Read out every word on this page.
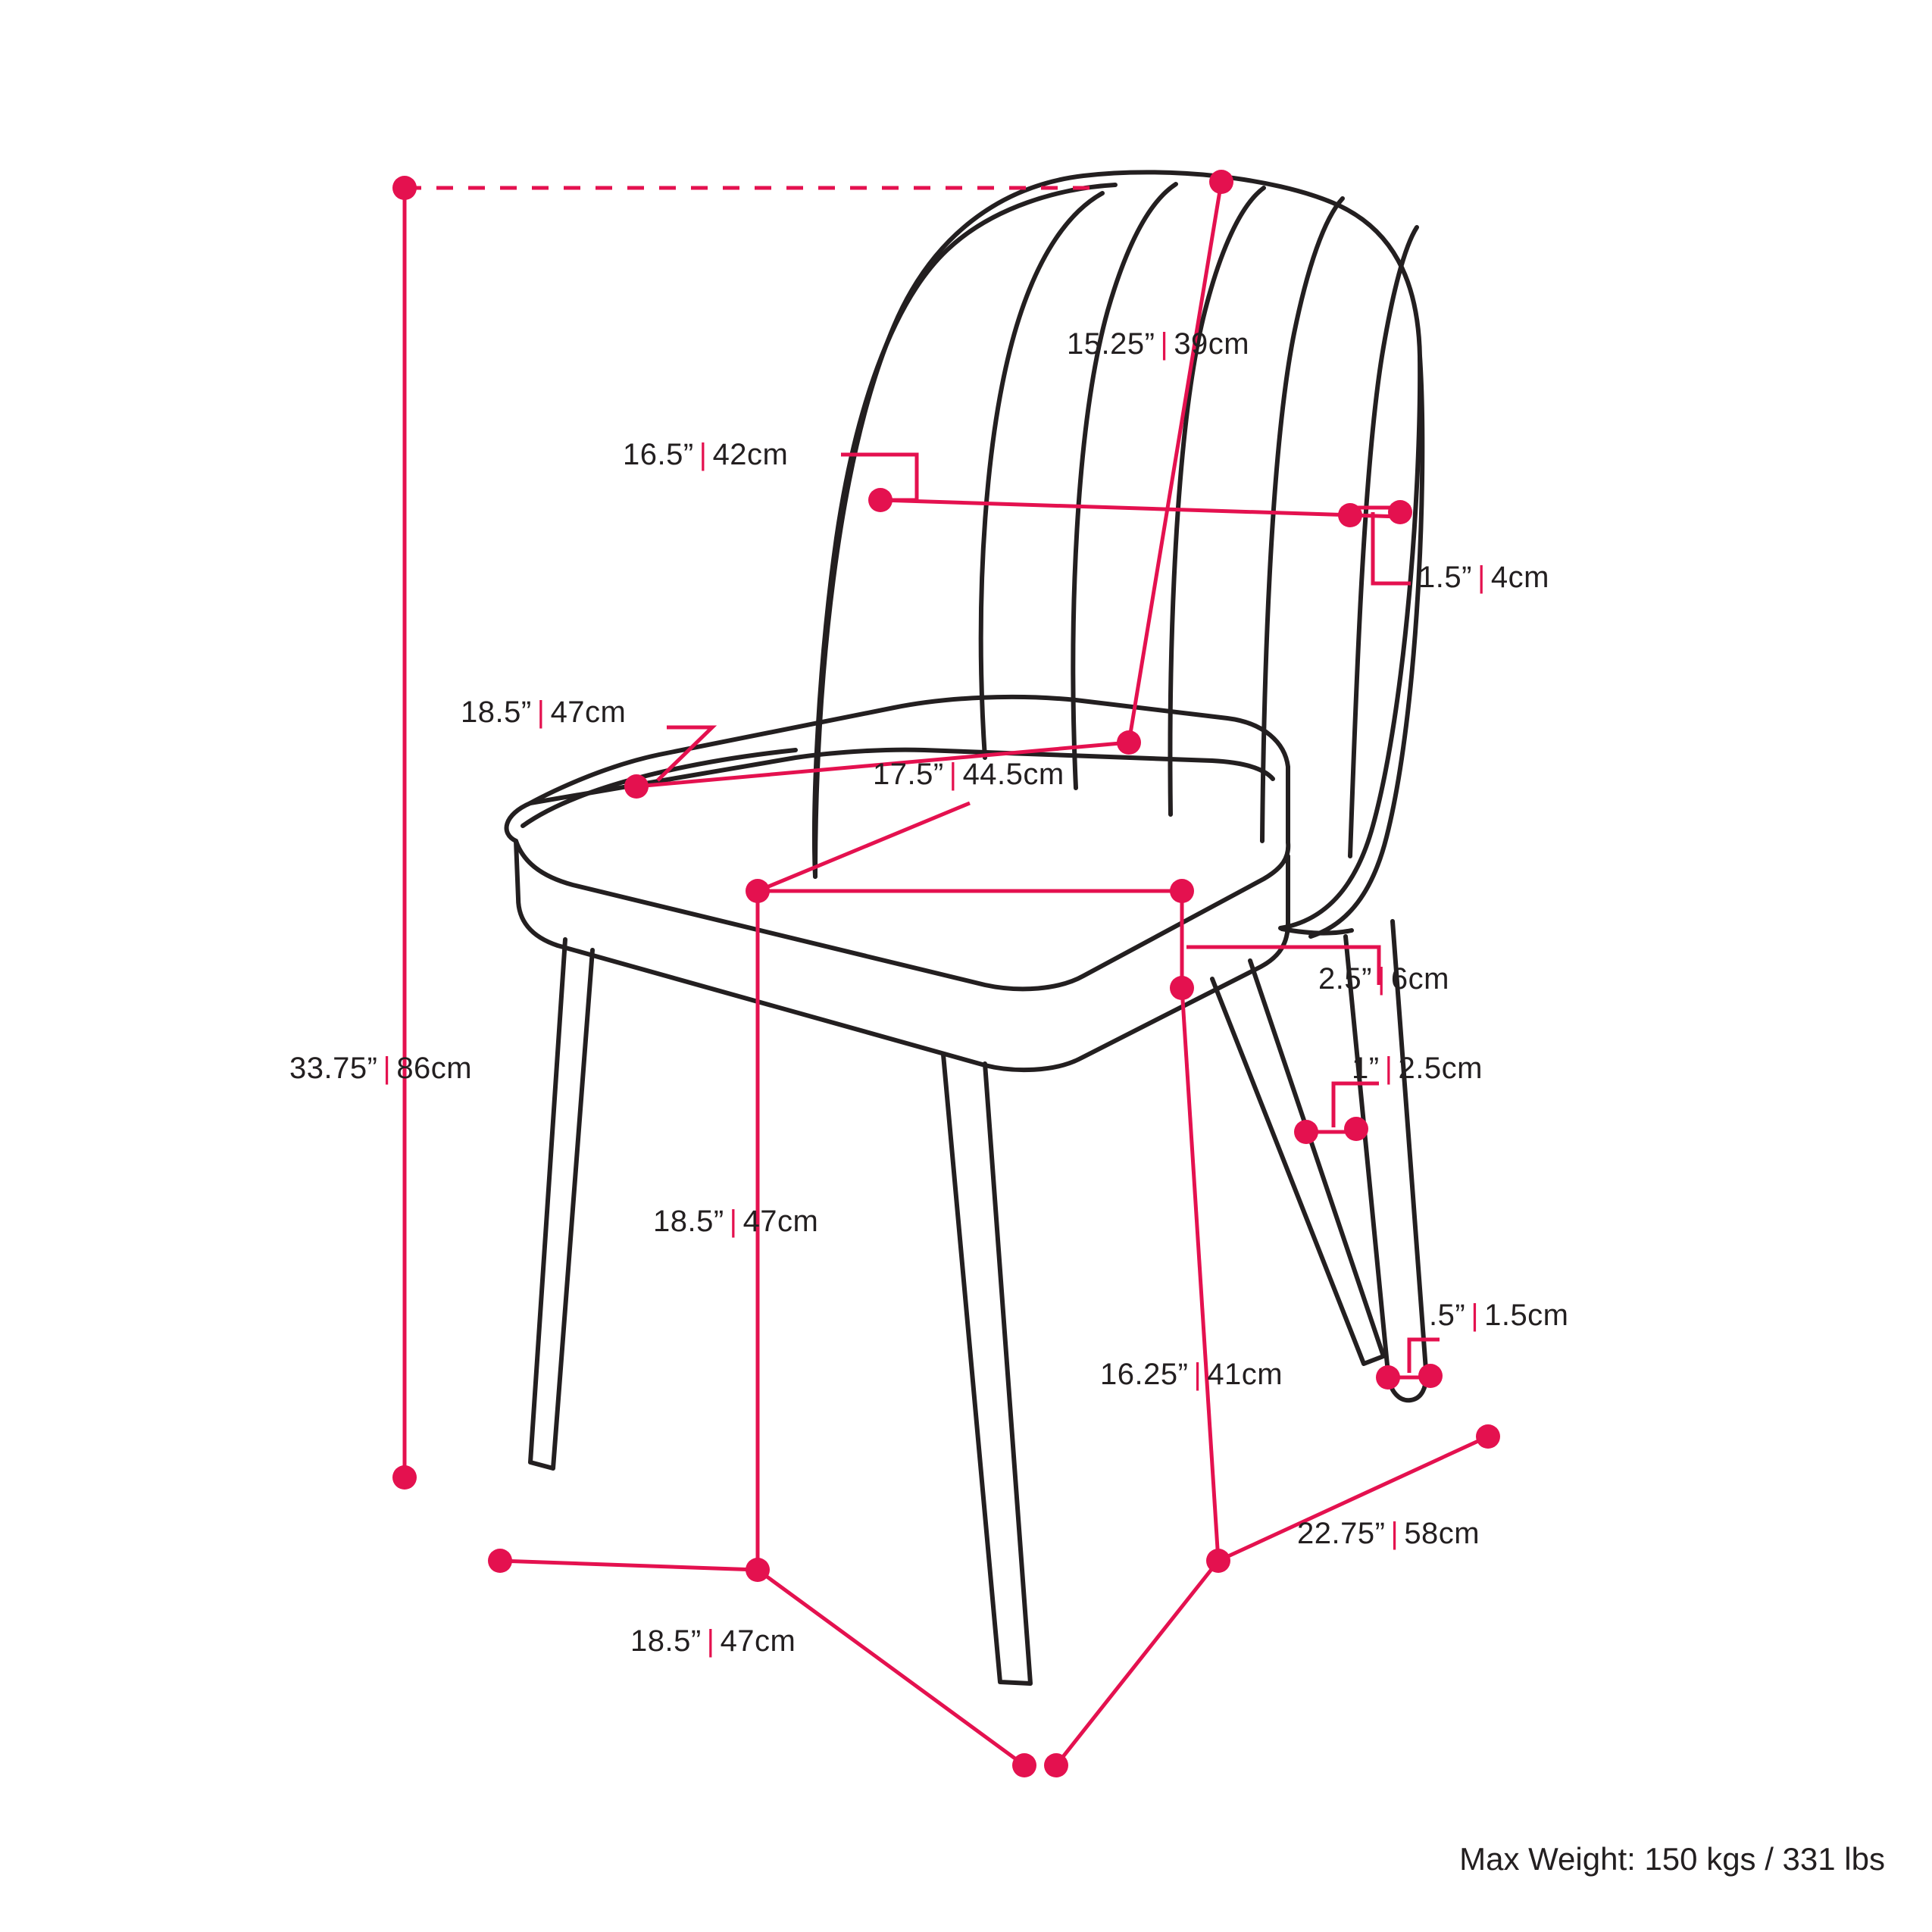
15.25” | 39cm
16.5” | 42cm
1.5” | 4cm
18.5” | 47cm
17.5” | 44.5cm
2.5” | 6cm
1” | 2.5cm
33.75” | 86cm
18.5” | 47cm
.5” | 1.5cm
16.25” | 41cm
22.75” | 58cm
18.5” | 47cm
Max Weight: 150 kgs / 331 lbs
